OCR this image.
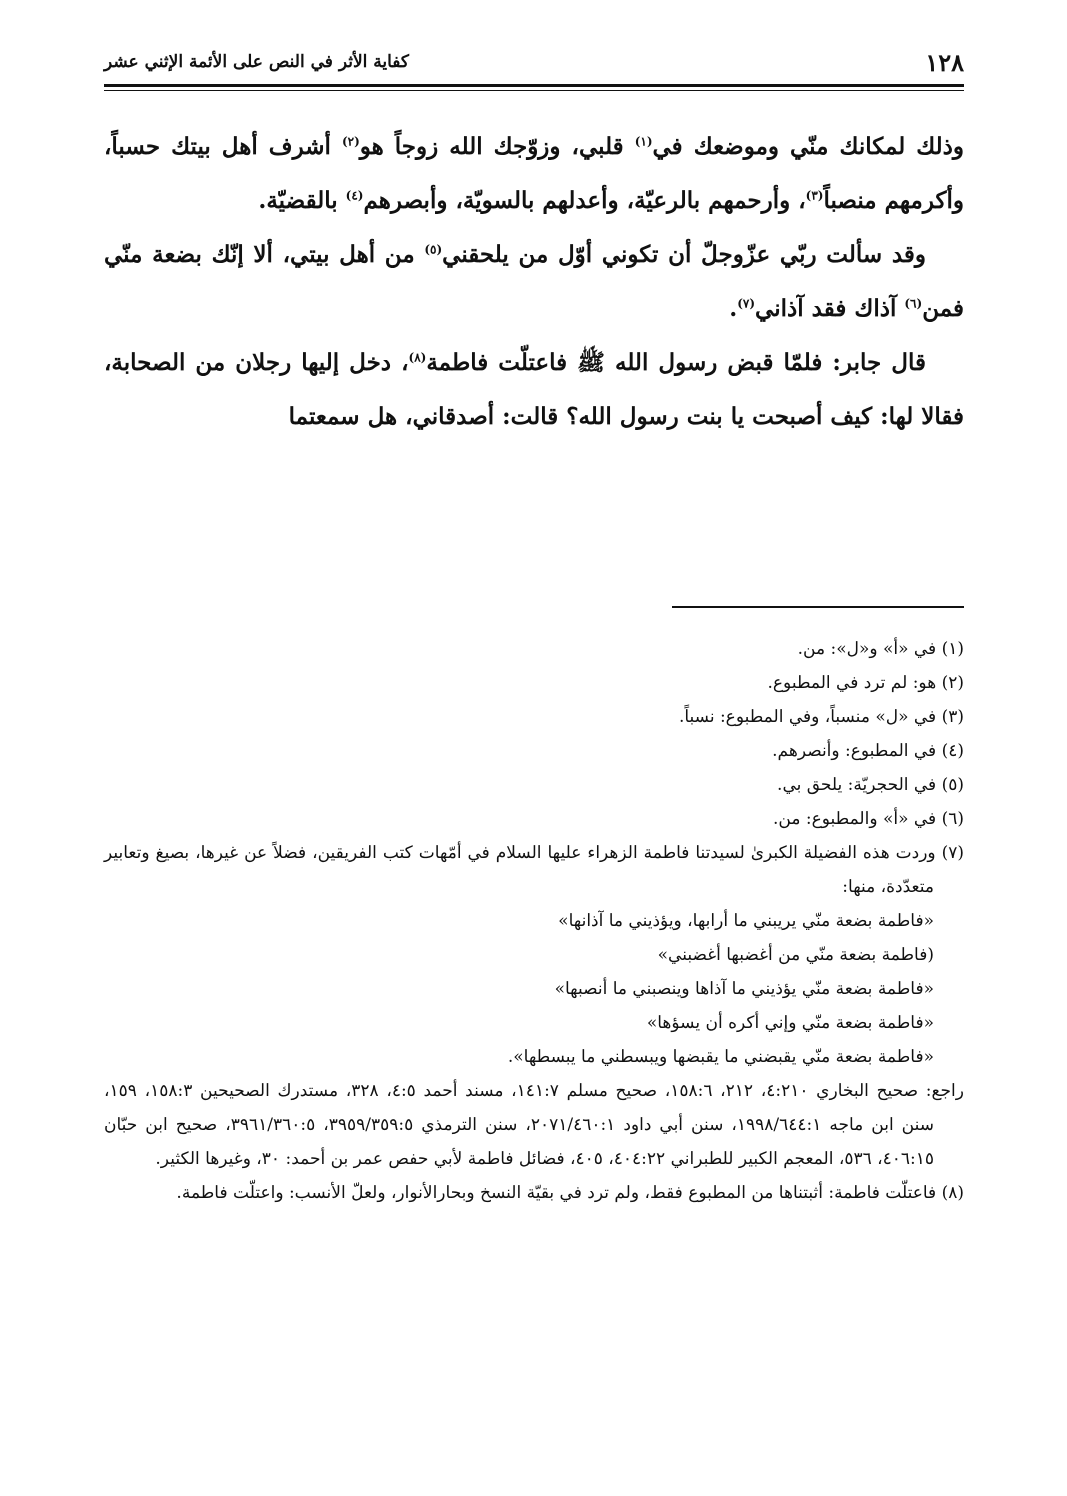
١٢٨
كفاية الأثر في النص على الأئمة الإثني عشر

وذلك لمكانك منّي وموضعك في$^{(١)}$ قلبي، وزوّجك الله زوجاً هو$^{(٢)}$ أشرف أهل بيتك حسباً، وأكرمهم منصباً$^{(٣)}$، وأرحمهم بالرعيّة، وأعدلهم بالسويّة، وأبصرهم$^{(٤)}$ بالقضيّة.

وقد سألت ربّي عزّوجلّ أن تكوني أوّل من يلحقني$^{(٥)}$ من أهل بيتي، ألا إنّك بضعة منّي فمن$^{(٦)}$ آذاك فقد آذاني$^{(٧)}$.

قال جابر: فلمّا قبض رسول الله ﷺ فاعتلّت فاطمة$^{(٨)}$، دخل إليها رجلان من الصحابة، فقالا لها: كيف أصبحت يا بنت رسول الله؟ قالت: أصدقاني، هل سمعتما

(١) في «أ» و«ل»: من.
(٢) هو: لم ترد في المطبوع.
(٣) في «ل» منسباً، وفي المطبوع: نسباً.
(٤) في المطبوع: وأنصرهم.
(٥) في الحجريّة: يلحق بي.
(٦) في «أ» والمطبوع: من.
(٧) وردت هذه الفضيلة الكبرىٰ لسيدتنا فاطمة الزهراء عليها السلام في أمّهات كتب الفريقين، فضلاً عن غيرها، بصيغ وتعابير متعدّدة، منها:
«فاطمة بضعة منّي يريبني ما أرابها، ويؤذيني ما آذانها»
(فاطمة بضعة منّي من أغضبها أغضبني»
«فاطمة بضعة منّي يؤذيني ما آذاها وينصبني ما أنصبها»
«فاطمة بضعة منّي وإني أكره أن يسؤها»
«فاطمة بضعة منّي يقبضني ما يقبضها ويبسطني ما يبسطها».
راجع: صحيح البخاري ٤:٢١٠، ٢١٢، ١٥٨:٦، صحيح مسلم ١٤١:٧، مسند أحمد ٤:٥، ٣٢٨، مستدرك الصحيحين ١٥٨:٣، ١٥٩، سنن ابن ماجه ١٩٩٨/٦٤٤:١، سنن أبي داود ٢٠٧١/٤٦٠:١، سنن الترمذي ٣٩٥٩/٣٥٩:٥، ٣٩٦١/٣٦٠:٥، صحيح ابن حبّان ٤٠٦:١٥، ٥٣٦، المعجم الكبير للطبراني ٤٠٤:٢٢، ٤٠٥، فضائل فاطمة لأبي حفص عمر بن أحمد: ٣٠، وغيرها الكثير.
(٨) فاعتلّت فاطمة: أثبتناها من المطبوع فقط، ولم ترد في بقيّة النسخ وبحارالأنوار، ولعلّ الأنسب: واعتلّت فاطمة.
